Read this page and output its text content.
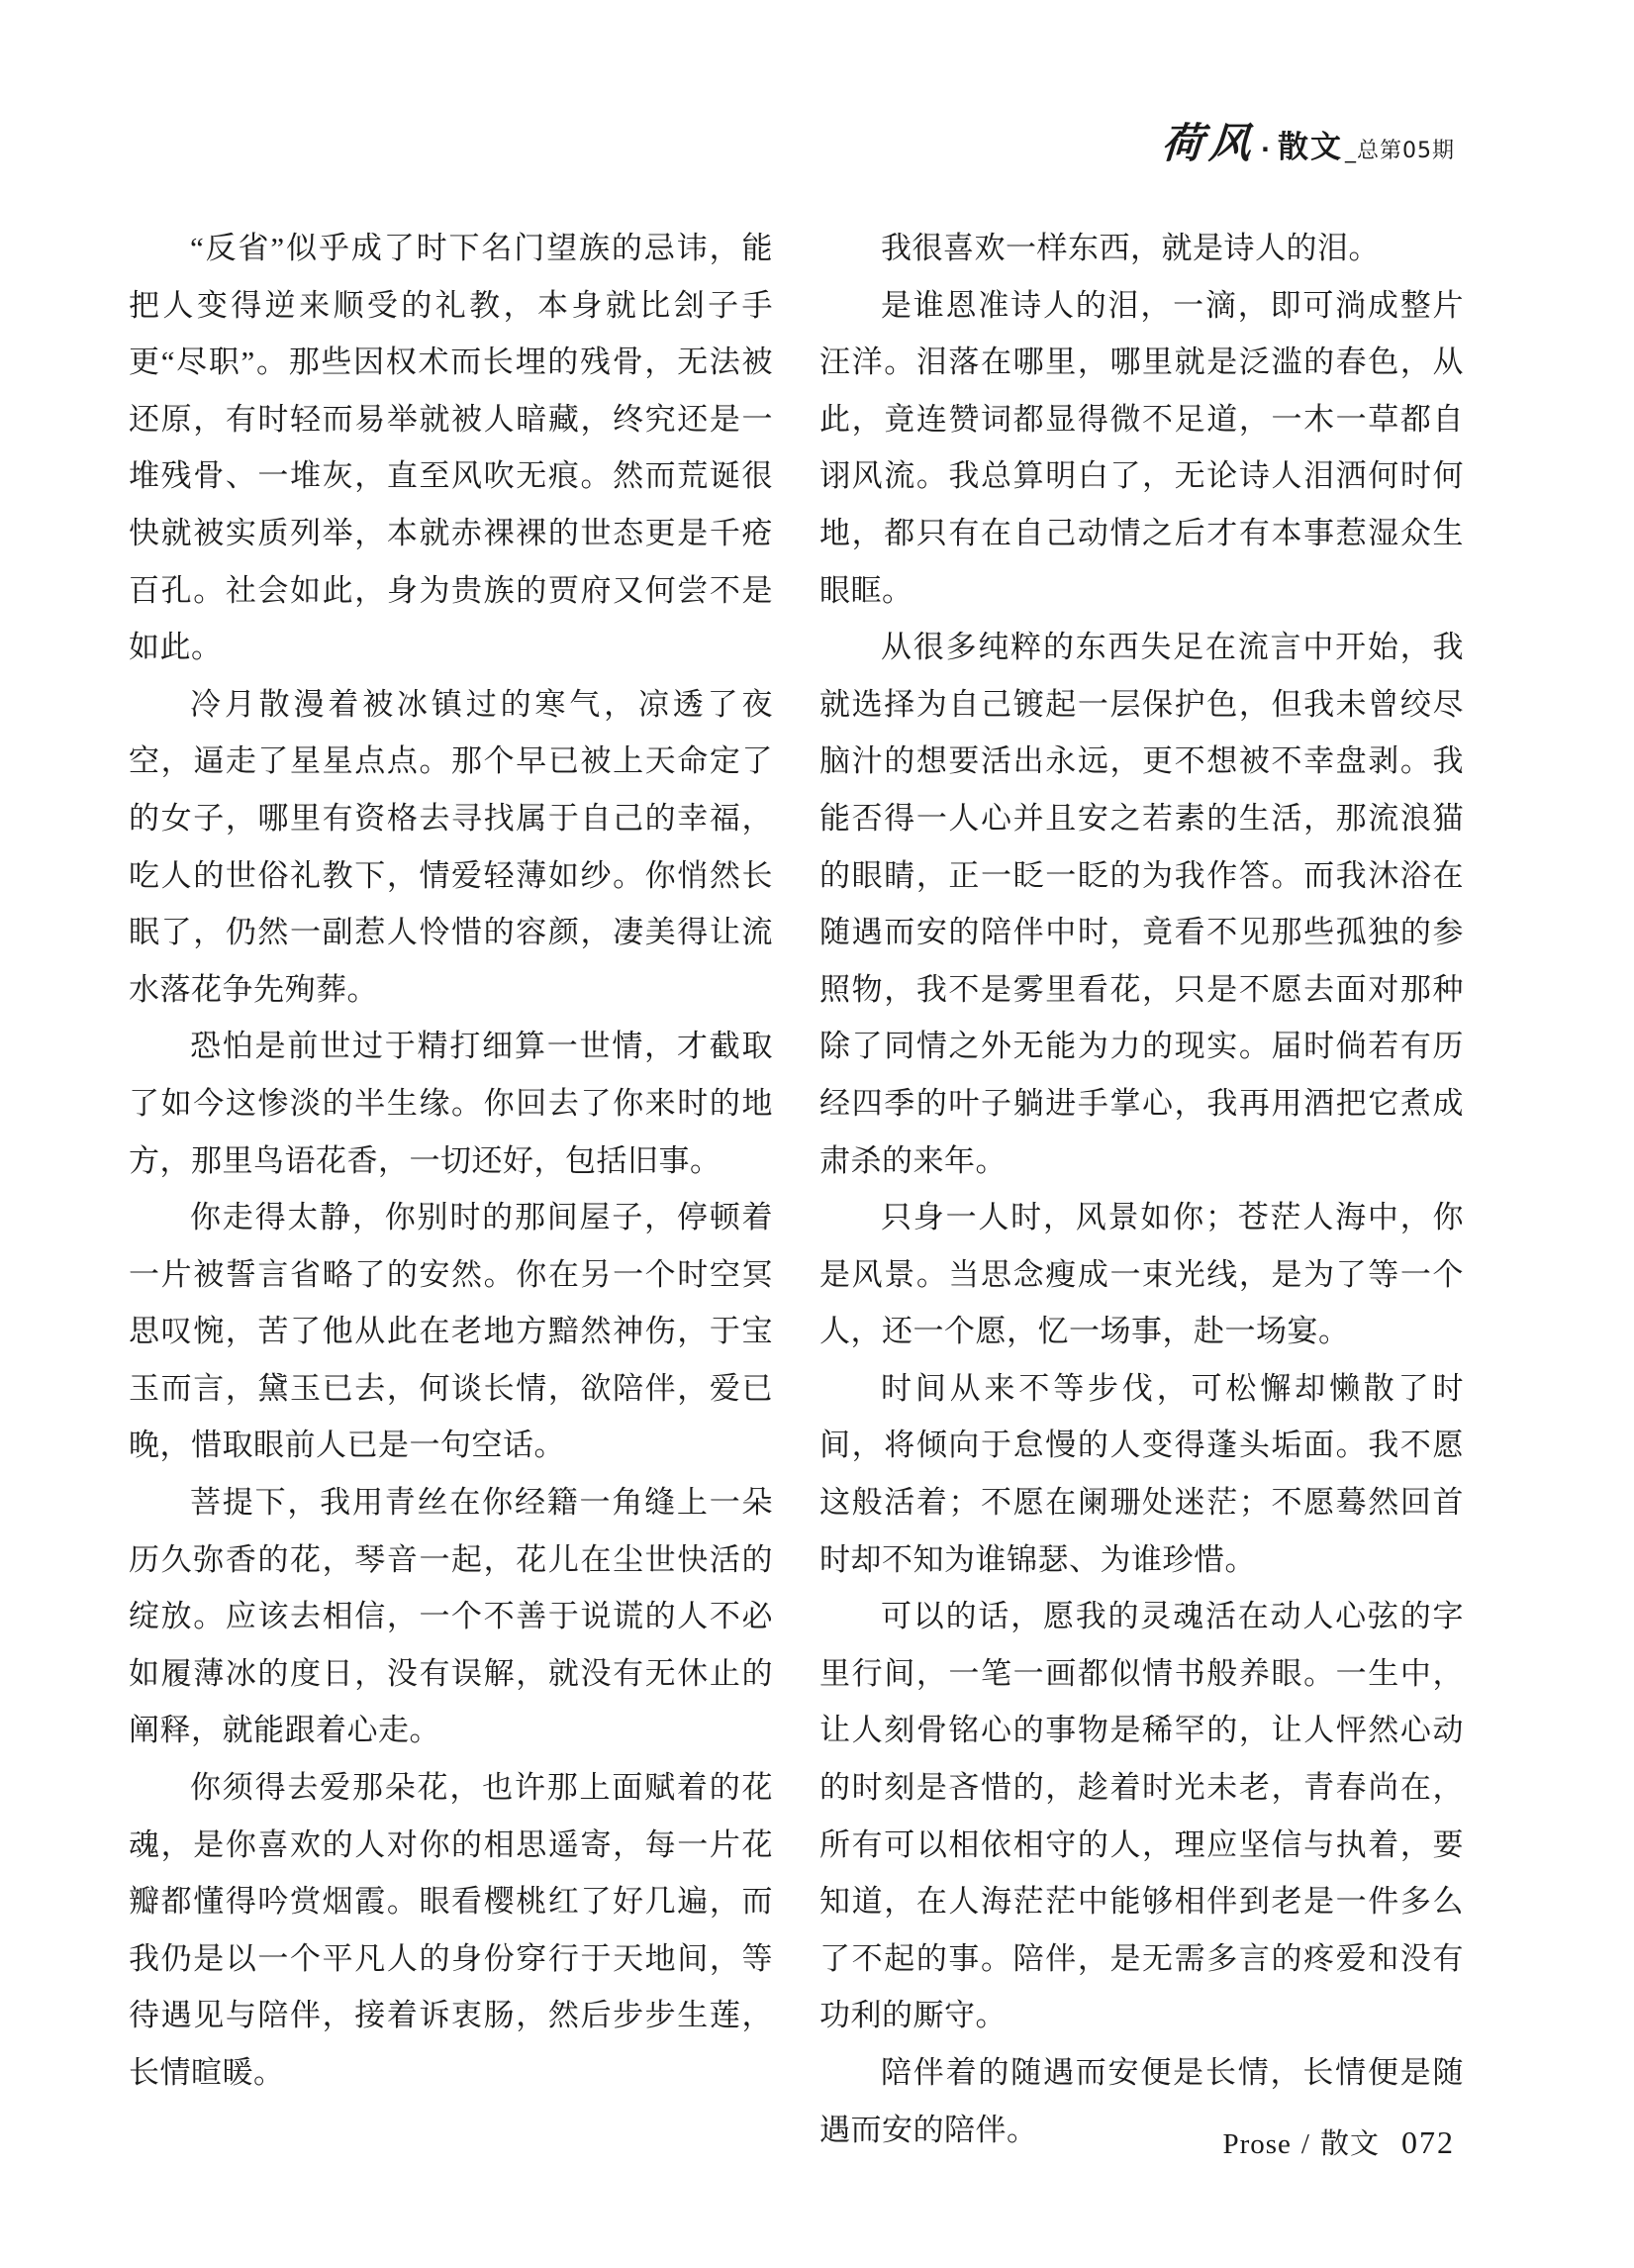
荷风 · 散文 _总第05期

“反省”似乎成了时下名门望族的忌讳，能把人变得逆来顺受的礼教，本身就比刽子手更“尽职”。那些因权术而长埋的残骨，无法被还原，有时轻而易举就被人暗藏，终究还是一堆残骨、一堆灰，直至风吹无痕。然而荒诞很快就被实质列举，本就赤裸裸的世态更是千疮百孔。社会如此，身为贵族的贾府又何尝不是如此。

冷月散漫着被冰镇过的寒气，凉透了夜空，逼走了星星点点。那个早已被上天命定了的女子，哪里有资格去寻找属于自己的幸福，吃人的世俗礼教下，情爱轻薄如纱。你悄然长眠了，仍然一副惹人怜惜的容颜，凄美得让流水落花争先殉葬。

恐怕是前世过于精打细算一世情，才截取了如今这惨淡的半生缘。你回去了你来时的地方，那里鸟语花香，一切还好，包括旧事。

你走得太静，你别时的那间屋子，停顿着一片被誓言省略了的安然。你在另一个时空冥思叹惋，苦了他从此在老地方黯然神伤，于宝玉而言，黛玉已去，何谈长情，欲陪伴，爱已晚，惜取眼前人已是一句空话。

菩提下，我用青丝在你经籍一角缝上一朵历久弥香的花，琴音一起，花儿在尘世快活的绽放。应该去相信，一个不善于说谎的人不必如履薄冰的度日，没有误解，就没有无休止的阐释，就能跟着心走。

你须得去爱那朵花，也许那上面赋着的花魂，是你喜欢的人对你的相思遥寄，每一片花瓣都懂得吟赏烟霞。眼看樱桃红了好几遍，而我仍是以一个平凡人的身份穿行于天地间，等待遇见与陪伴，接着诉衷肠，然后步步生莲，长情暄暖。

我很喜欢一样东西，就是诗人的泪。

是谁恩准诗人的泪，一滴，即可淌成整片汪洋。泪落在哪里，哪里就是泛滥的春色，从此，竟连赞词都显得微不足道，一木一草都自诩风流。我总算明白了，无论诗人泪洒何时何地，都只有在自己动情之后才有本事惹湿众生眼眶。

从很多纯粹的东西失足在流言中开始，我就选择为自己镀起一层保护色，但我未曾绞尽脑汁的想要活出永远，更不想被不幸盘剥。我能否得一人心并且安之若素的生活，那流浪猫的眼睛，正一眨一眨的为我作答。而我沐浴在随遇而安的陪伴中时，竟看不见那些孤独的参照物，我不是雾里看花，只是不愿去面对那种除了同情之外无能为力的现实。届时倘若有历经四季的叶子躺进手掌心，我再用酒把它煮成肃杀的来年。

只身一人时，风景如你；苍茫人海中，你是风景。当思念瘦成一束光线，是为了等一个人，还一个愿，忆一场事，赴一场宴。

时间从来不等步伐，可松懈却懒散了时间，将倾向于怠慢的人变得蓬头垢面。我不愿这般活着；不愿在阑珊处迷茫；不愿蓦然回首时却不知为谁锦瑟、为谁珍惜。

可以的话，愿我的灵魂活在动人心弦的字里行间，一笔一画都似情书般养眼。一生中，让人刻骨铭心的事物是稀罕的，让人怦然心动的时刻是吝惜的，趁着时光未老，青春尚在，所有可以相依相守的人，理应坚信与执着，要知道，在人海茫茫中能够相伴到老是一件多么了不起的事。陪伴，是无需多言的疼爱和没有功利的厮守。

陪伴着的随遇而安便是长情，长情便是随遇而安的陪伴。	Prose / 散文 072
